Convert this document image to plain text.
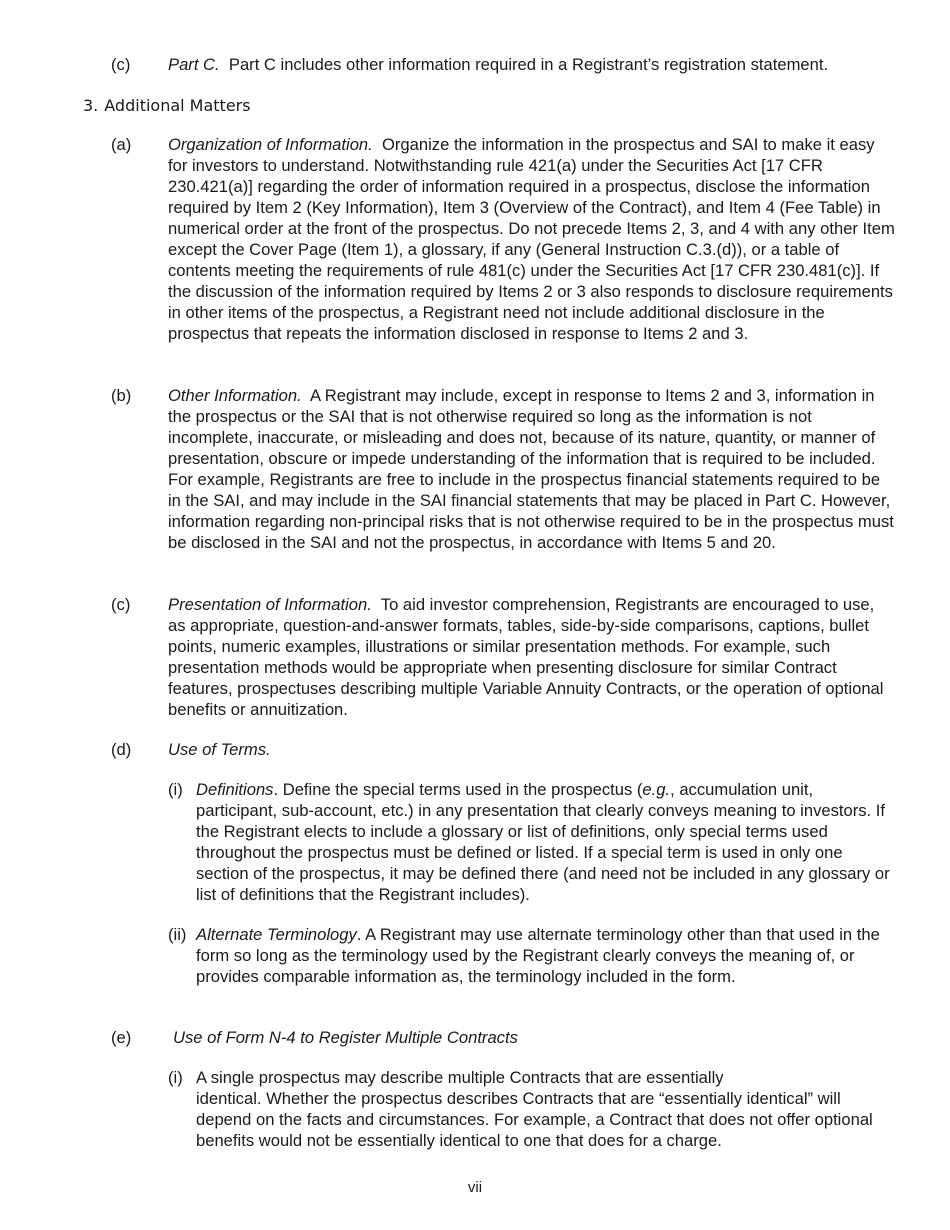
(c) Part C. Part C includes other information required in a Registrant’s registration statement.
3. Additional Matters
(a) Organization of Information. Organize the information in the prospectus and SAI to make it easy for investors to understand. Notwithstanding rule 421(a) under the Securities Act [17 CFR 230.421(a)] regarding the order of information required in a prospectus, disclose the information required by Item 2 (Key Information), Item 3 (Overview of the Contract), and Item 4 (Fee Table) in numerical order at the front of the prospectus. Do not precede Items 2, 3, and 4 with any other Item except the Cover Page (Item 1), a glossary, if any (General Instruction C.3.(d)), or a table of contents meeting the requirements of rule 481(c) under the Securities Act [17 CFR 230.481(c)]. If the discussion of the information required by Items 2 or 3 also responds to disclosure requirements in other items of the prospectus, a Registrant need not include additional disclosure in the prospectus that repeats the information disclosed in response to Items 2 and 3.
(b) Other Information. A Registrant may include, except in response to Items 2 and 3, information in the prospectus or the SAI that is not otherwise required so long as the information is not incomplete, inaccurate, or misleading and does not, because of its nature, quantity, or manner of presentation, obscure or impede understanding of the information that is required to be included. For example, Registrants are free to include in the prospectus financial statements required to be in the SAI, and may include in the SAI financial statements that may be placed in Part C. However, information regarding non-principal risks that is not otherwise required to be in the prospectus must be disclosed in the SAI and not the prospectus, in accordance with Items 5 and 20.
(c) Presentation of Information. To aid investor comprehension, Registrants are encouraged to use, as appropriate, question-and-answer formats, tables, side-by-side comparisons, captions, bullet points, numeric examples, illustrations or similar presentation methods. For example, such presentation methods would be appropriate when presenting disclosure for similar Contract features, prospectuses describing multiple Variable Annuity Contracts, or the operation of optional benefits or annuitization.
(d) Use of Terms.
(i) Definitions. Define the special terms used in the prospectus (e.g., accumulation unit, participant, sub-account, etc.) in any presentation that clearly conveys meaning to investors. If the Registrant elects to include a glossary or list of definitions, only special terms used throughout the prospectus must be defined or listed. If a special term is used in only one section of the prospectus, it may be defined there (and need not be included in any glossary or list of definitions that the Registrant includes).
(ii) Alternate Terminology. A Registrant may use alternate terminology other than that used in the form so long as the terminology used by the Registrant clearly conveys the meaning of, or provides comparable information as, the terminology included in the form.
(e)	Use of Form N-4 to Register Multiple Contracts
(i) A single prospectus may describe multiple Contracts that are essentially
identical. Whether the prospectus describes Contracts that are “essentially identical” will depend on the facts and circumstances. For example, a Contract that does not offer optional benefits would not be essentially identical to one that does for a charge.
vii
